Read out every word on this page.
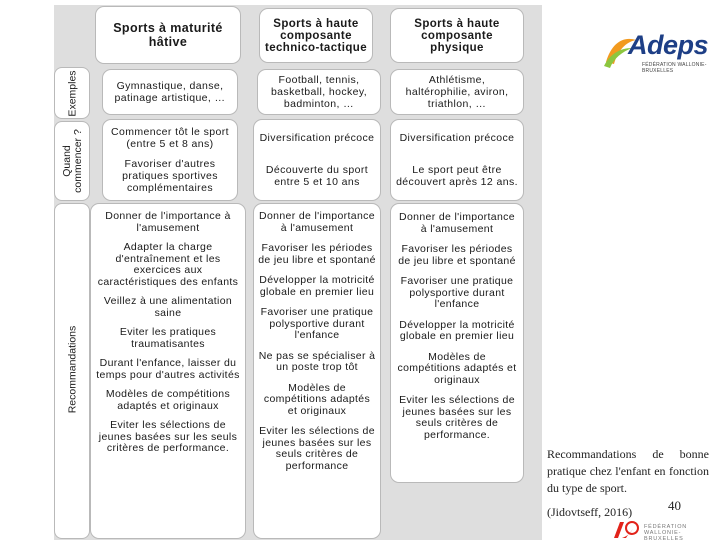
Sports à maturité hâtive
Sports à haute composante technico-tactique
Sports à haute composante physique
Exemples
Quand commencer ?
Recommandations
Gymnastique, danse, patinage artistique, …
Football, tennis, basketball, hockey, badminton, …
Athlétisme, haltérophilie, aviron, triathlon, …
Commencer tôt le sport (entre 5 et 8 ans)
Favoriser d'autres pratiques sportives complémentaires
Diversification précoce
Découverte du sport entre 5 et 10 ans
Diversification précoce
Le sport peut être découvert après 12 ans.
Donner de l'importance à l'amusement
Adapter la charge d'entraînement et les exercices aux caractéristiques des enfants
Veillez à une alimentation saine
Eviter les pratiques traumatisantes
Durant l'enfance, laisser du temps pour d'autres activités
Modèles de compétitions adaptés et originaux
Eviter les sélections de jeunes basées sur les seuls critères de performance.
Donner de l'importance à l'amusement
Favoriser les périodes de jeu libre et spontané
Développer la motricité globale en premier lieu
Favoriser une pratique polysportive durant l'enfance
Ne pas se spécialiser à un poste trop tôt
Modèles de compétitions adaptés et originaux
Eviter les sélections de jeunes basées sur les seuls critères de performance
Donner de l'importance à l'amusement
Favoriser les périodes de jeu libre et spontané
Favoriser une pratique polysportive durant l'enfance
Développer la motricité globale en premier lieu
Modèles de compétitions adaptés et originaux
Eviter les sélections de jeunes basées sur les seuls critères de performance.
Adeps
FÉDÉRATION WALLONIE-BRUXELLES
Recommandations de bonne pratique chez l'enfant en fonction du type de sport.
40
(Jidovtseff, 2016)
FÉDÉRATION WALLONIE-BRUXELLES
